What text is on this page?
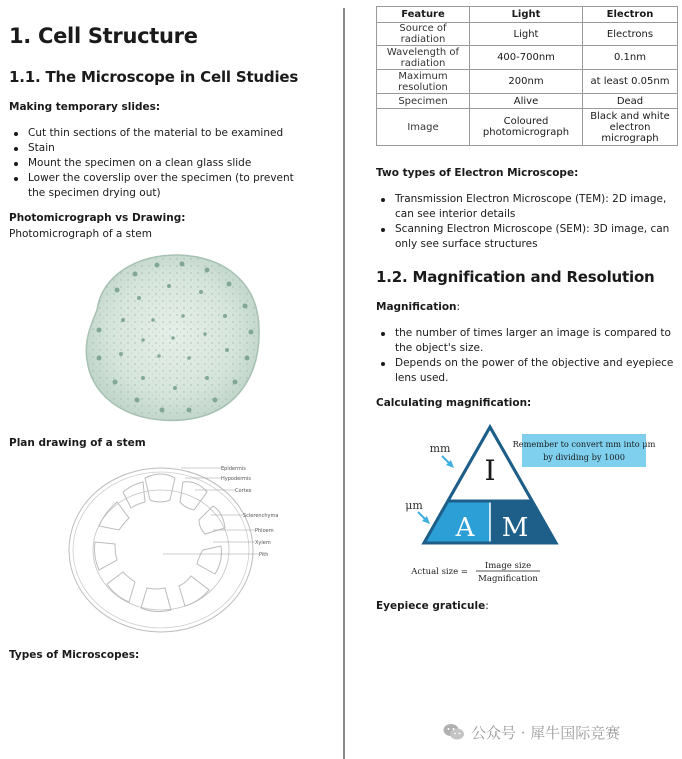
1. Cell Structure
1.1. The Microscope in Cell Studies
Making temporary slides:
Cut thin sections of the material to be examined
Stain
Mount the specimen on a clean glass slide
Lower the coverslip over the specimen (to prevent the specimen drying out)
Photomicrograph vs Drawing:
Photomicrograph of a stem
Plan drawing of a stem
Epidermis
Hypodermis
Cortex
Sclerenchyma
Phloem
Xylem
Pith
Types of Microscopes:
Feature	Light	Electron
Source of radiation	Light	Electrons
Wavelength of radiation	400-700nm	0.1nm
Maximum resolution	200nm	at least 0.05nm
Specimen	Alive	Dead
Image	Coloured photomicrograph	Black and white electron micrograph
Two types of Electron Microscope:
Transmission Electron Microscope (TEM): 2D image, can see interior details
Scanning Electron Microscope (SEM): 3D image, can only see surface structures
1.2. Magnification and Resolution
Magnification:
the number of times larger an image is compared to the object's size.
Depends on the power of the objective and eyepiece lens used.
Calculating magnification:
I
A M
mm
μm
Remember to convert mm into μm
by dividing by 1000
Actual size =
Image size
Magnification
Eyepiece graticule:
公众号 · 犀牛国际竞赛
